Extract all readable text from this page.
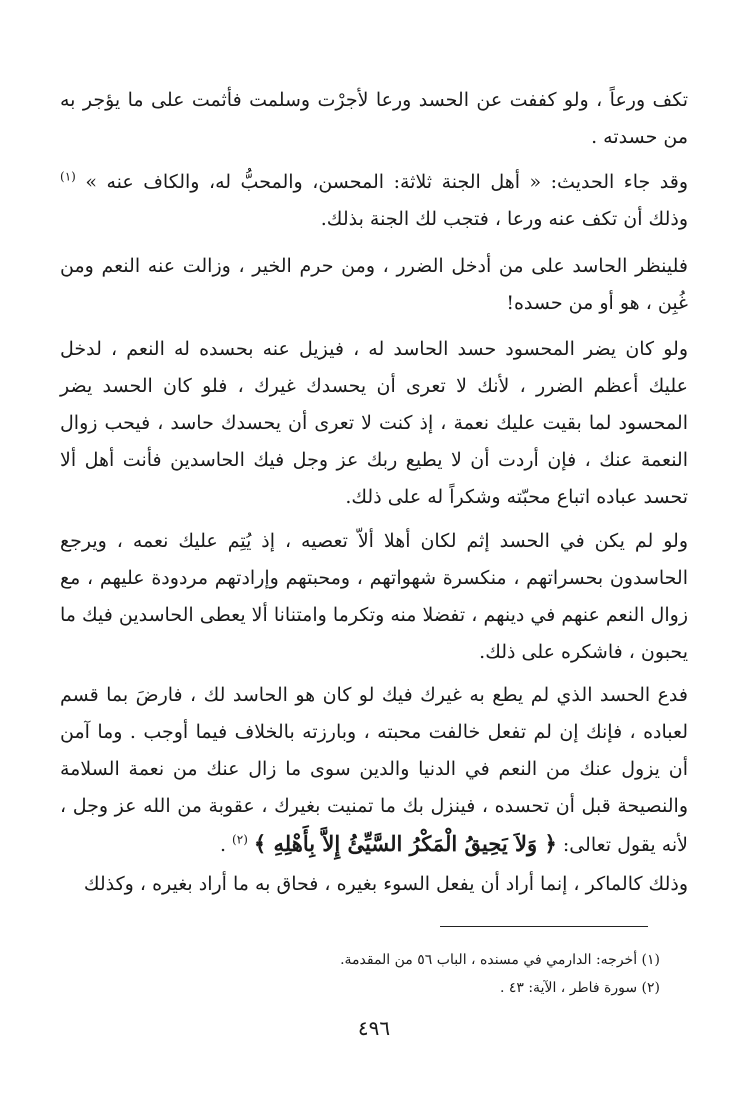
تكف ورعاً ، ولو كففت عن الحسد ورعا لأجرْت وسلمت فأثمت على ما يؤجر به من حسدته .

وقد جاء الحديث: « أهل الجنة ثلاثة: المحسن، والمحبُّ له، والكاف عنه » $^{(١)}$ وذلك أن تكف عنه ورعا ، فتجب لك الجنة بذلك.

فلينظر الحاسد على من أدخل الضرر ، ومن حرم الخير ، وزالت عنه النعم ومن غُبِن ، هو أو من حسده!

ولو كان يضر المحسود حسد الحاسد له ، فيزيل عنه بحسده له النعم ، لدخل عليك أعظم الضرر ، لأنك لا تعرى أن يحسدك غيرك ، فلو كان الحسد يضر المحسود لما بقيت عليك نعمة ، إذ كنت لا تعرى أن يحسدك حاسد ، فيحب زوال النعمة عنك ، فإن أردت أن لا يطيع ربك عز وجل فيك الحاسدين فأنت أهل ألا تحسد عباده اتباع محبّته وشكراً له على ذلك.

ولو لم يكن في الحسد إثم لكان أهلا ألاّ تعصيه ، إذ يُتِم عليك نعمه ، ويرجع الحاسدون بحسراتهم ، منكسرة شهواتهم ، ومحبتهم وإرادتهم مردودة عليهم ، مع زوال النعم عنهم في دينهم ، تفضلا منه وتكرما وامتنانا ألا يعطى الحاسدين فيك ما يحبون ، فاشكره على ذلك.

فدع الحسد الذي لم يطع به غيرك فيك لو كان هو الحاسد لك ، فارضَ بما قسم لعباده ، فإنك إن لم تفعل خالفت محبته ، وبارزته بالخلاف فيما أوجب . وما آمن أن يزول عنك من النعم في الدنيا والدين سوى ما زال عنك من نعمة السلامة والنصيحة قبل أن تحسده ، فينزل بك ما تمنيت بغيرك ، عقوبة من الله عز وجل ، لأنه يقول تعالى: ﴿ وَلاَ يَحِيقُ الْمَكْرُ السَّيِّئُ إِلاَّ بِأَهْلِهِ ﴾ $^{(٢)}$ .

وذلك كالماكر ، إنما أراد أن يفعل السوء بغيره ، فحاق به ما أراد بغيره ، وكذلك

(١) أخرجه: الدارمي في مسنده ، الباب ٥٦ من المقدمة.
(٢) سورة فاطر ، الآية: ٤٣ .
٤٩٦
